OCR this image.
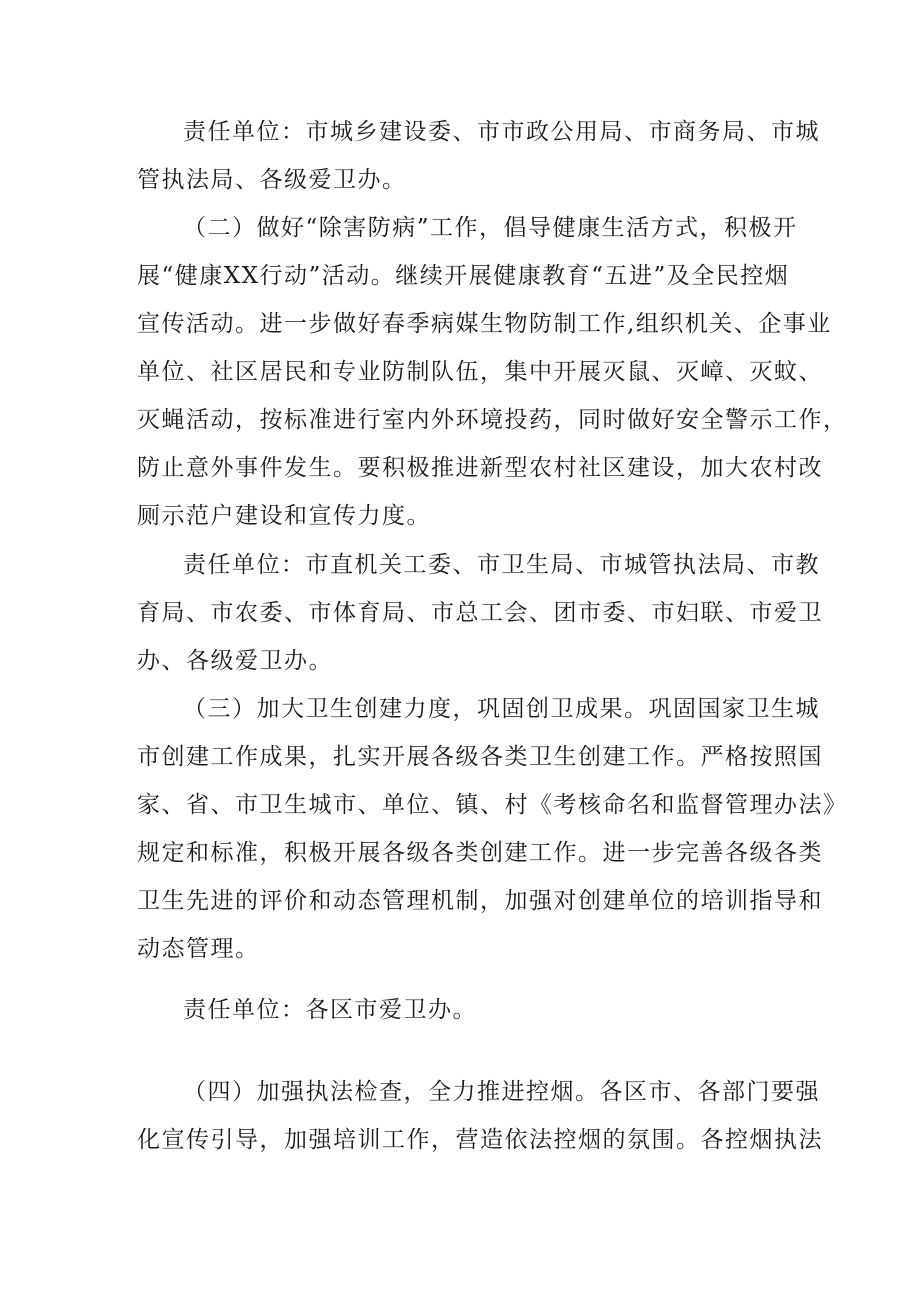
责任单位：市城乡建设委、市市政公用局、市商务局、市城
管执法局、各级爱卫办。

（二）做好“除害防病”工作，倡导健康生活方式，积极开
展“健康XX行动”活动。继续开展健康教育“五进”及全民控烟
宣传活动。进一步做好春季病媒生物防制工作,组织机关、企事业
单位、社区居民和专业防制队伍，集中开展灭鼠、灭嶂、灭蚊、
灭蝇活动，按标准进行室内外环境投药，同时做好安全警示工作，
防止意外事件发生。要积极推进新型农村社区建设，加大农村改
厕示范户建设和宣传力度。

责任单位：市直机关工委、市卫生局、市城管执法局、市教
育局、市农委、市体育局、市总工会、团市委、市妇联、市爱卫
办、各级爱卫办。

（三）加大卫生创建力度，巩固创卫成果。巩固国家卫生城
市创建工作成果，扎实开展各级各类卫生创建工作。严格按照国
家、省、市卫生城市、单位、镇、村《考核命名和监督管理办法》
规定和标准，积极开展各级各类创建工作。进一步完善各级各类
卫生先进的评价和动态管理机制，加强对创建单位的培训指导和
动态管理。

责任单位：各区市爱卫办。

（四）加强执法检查，全力推进控烟。各区市、各部门要强
化宣传引导，加强培训工作，营造依法控烟的氛围。各控烟执法
